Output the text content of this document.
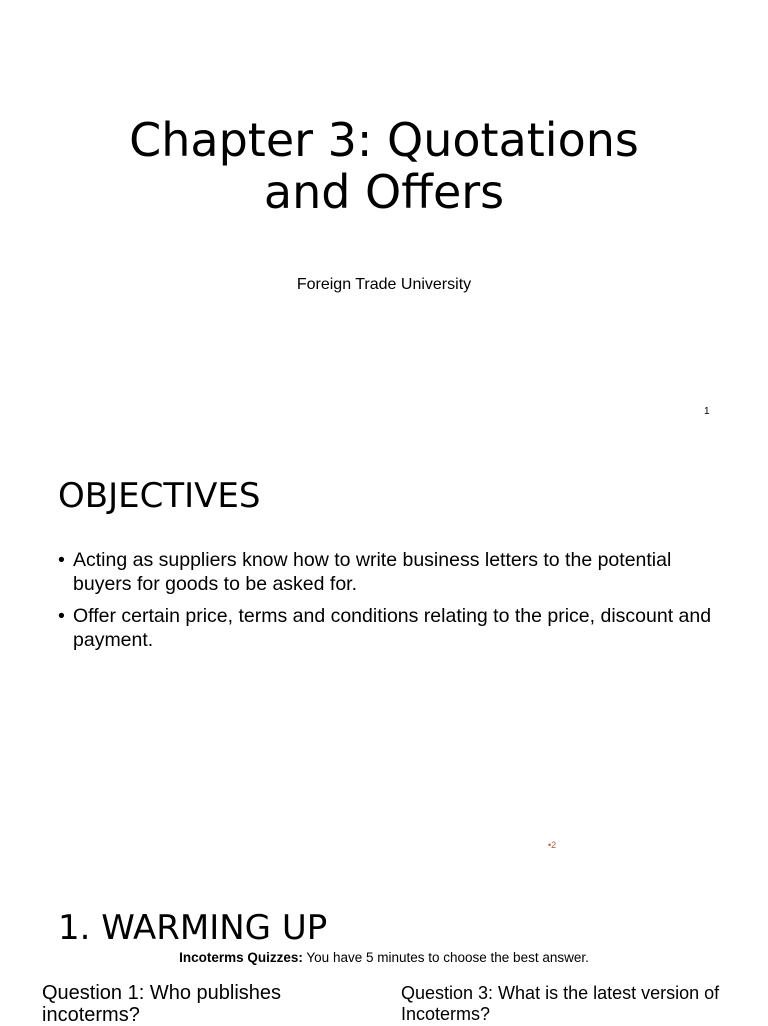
Chapter 3: Quotations
and Offers
Foreign Trade University
1
OBJECTIVES
• Acting as suppliers know how to write business letters to the potential buyers for goods to be asked for.
• Offer certain price, terms and conditions relating to the price, discount and payment.
•2
1. WARMING UP
Incoterms Quizzes: You have 5 minutes to choose the best answer.
Question 1: Who publishes incoterms?
Question 3: What is the latest version of Incoterms?
